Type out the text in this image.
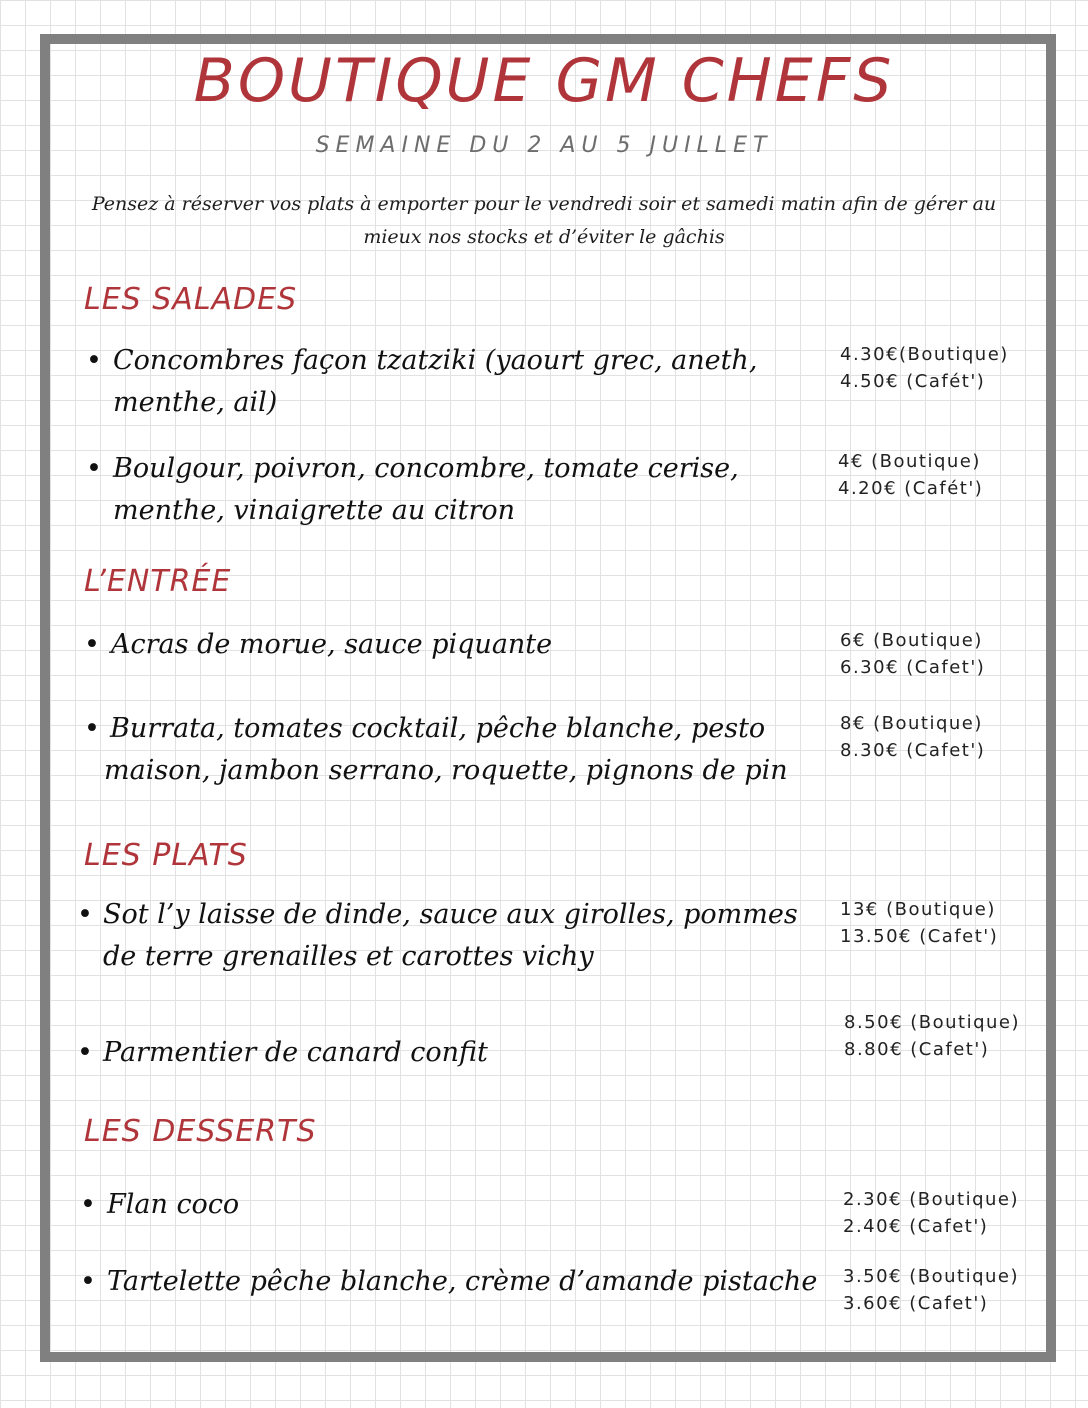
BOUTIQUE GM CHEFS
SEMAINE DU 2 AU 5 JUILLET
Pensez à réserver vos plats à emporter pour le vendredi soir et samedi matin afin de gérer au mieux nos stocks et d’éviter le gâchis
LES SALADES
• Concombres façon tzatziki (yaourt grec, aneth, menthe, ail)
4.30€(Boutique)
4.50€ (Cafét')
• Boulgour, poivron, concombre, tomate cerise, menthe, vinaigrette au citron
4€ (Boutique)
4.20€ (Cafét')
L’ENTRÉE
• Acras de morue, sauce piquante	6€ (Boutique)
6.30€ (Cafet')
• Burrata, tomates cocktail, pêche blanche, pesto maison, jambon serrano, roquette, pignons de pin
8€ (Boutique)
8.30€ (Cafet')
LES PLATS
• Sot l’y laisse de dinde, sauce aux girolles, pommes de terre grenailles et carottes vichy
13€ (Boutique)
13.50€ (Cafet')
• Parmentier de canard confit
8.50€ (Boutique)
8.80€ (Cafet')
LES DESSERTS
• Flan coco	2.30€ (Boutique)
2.40€ (Cafet')
• Tartelette pêche blanche, crème d’amande pistache	3.50€ (Boutique)
3.60€ (Cafet')
